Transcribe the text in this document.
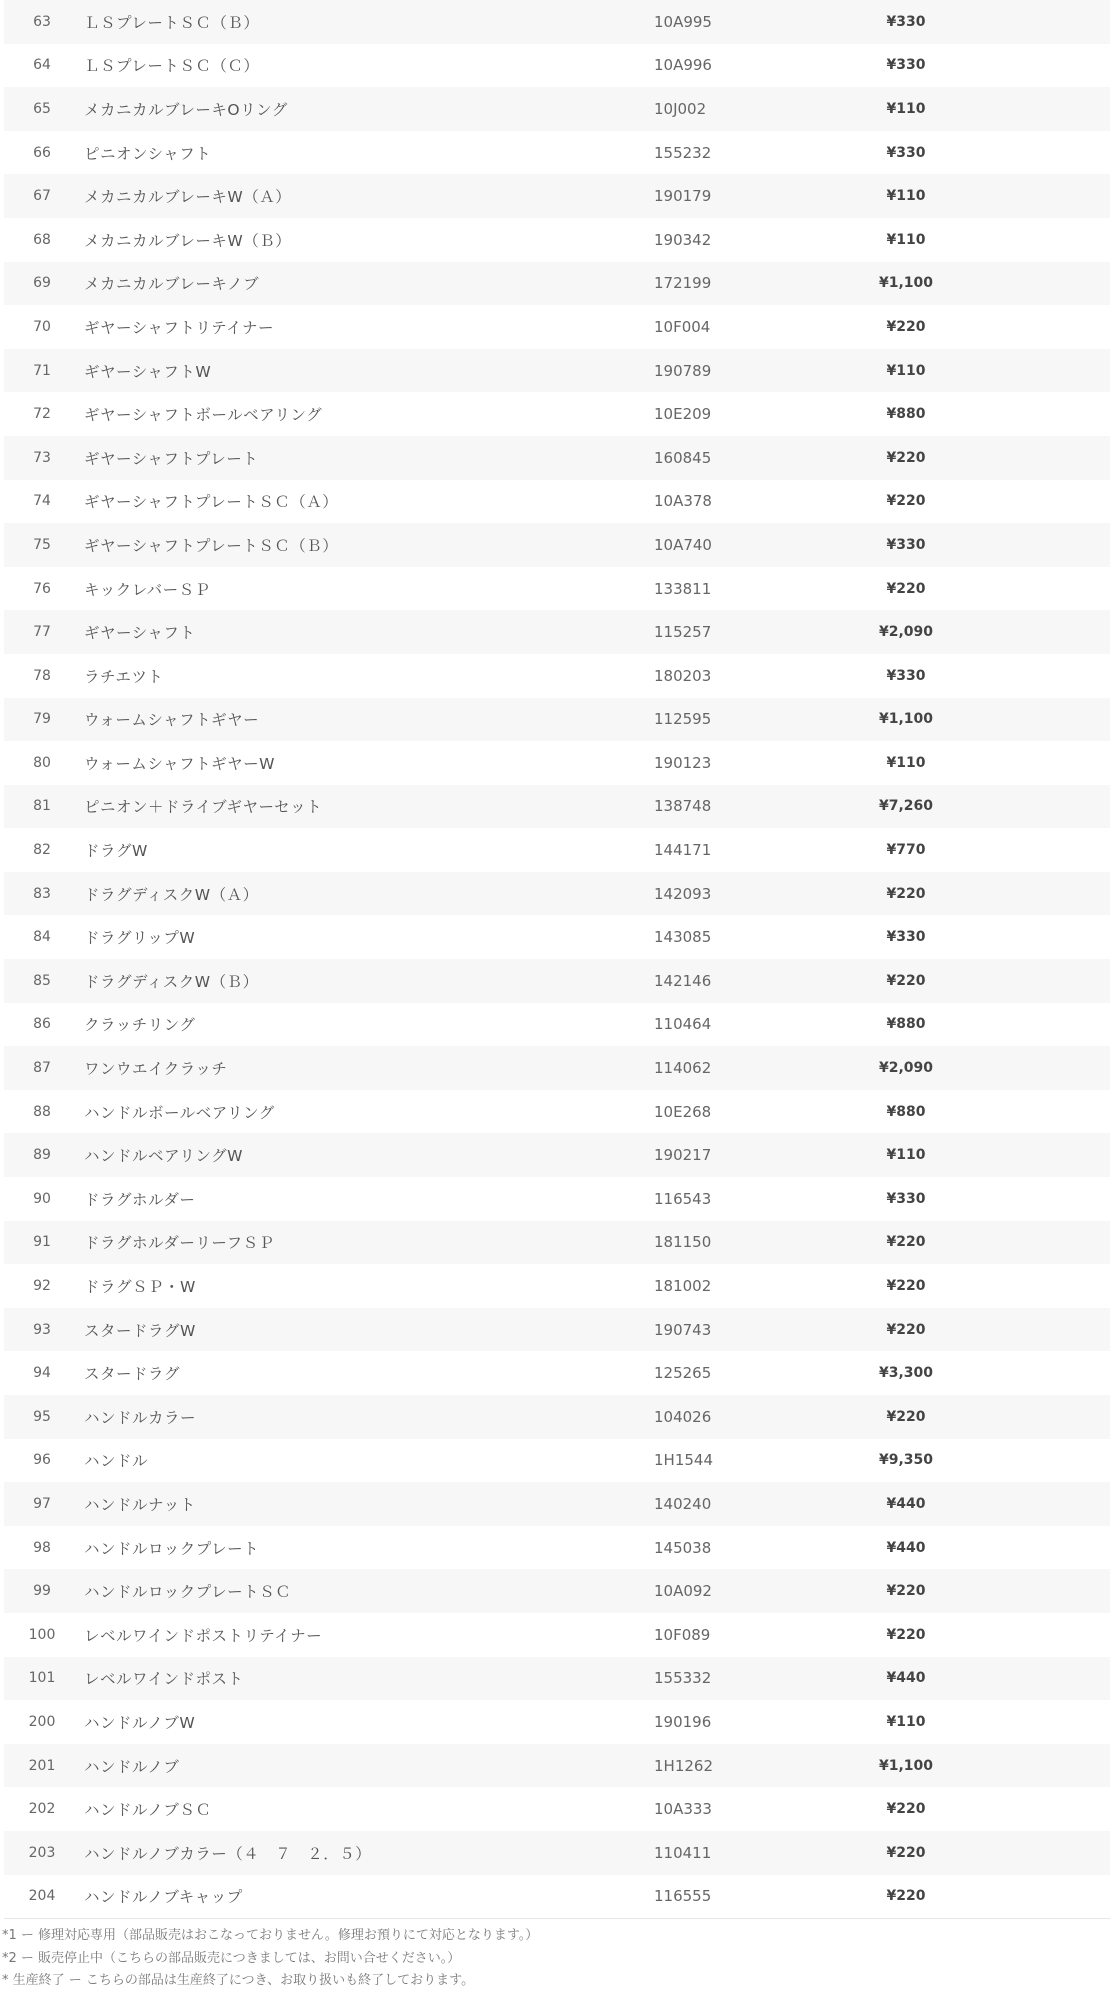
63	ＬＳプレートＳＣ（Ｂ）	10A995	¥330	
64	ＬＳプレートＳＣ（Ｃ）	10A996	¥330	
65	メカニカルブレーキOリング	10J002	¥110	
66	ピニオンシャフト	155232	¥330	
67	メカニカルブレーキW（Ａ）	190179	¥110	
68	メカニカルブレーキW（Ｂ）	190342	¥110	
69	メカニカルブレーキノブ	172199	¥1,100	
70	ギヤーシャフトリテイナー	10F004	¥220	
71	ギヤーシャフトW	190789	¥110	
72	ギヤーシャフトボールベアリング	10E209	¥880	
73	ギヤーシャフトプレート	160845	¥220	
74	ギヤーシャフトプレートＳＣ（Ａ）	10A378	¥220	
75	ギヤーシャフトプレートＳＣ（Ｂ）	10A740	¥330	
76	キックレバーＳＰ	133811	¥220	
77	ギヤーシャフト	115257	¥2,090	
78	ラチエツト	180203	¥330	
79	ウォームシャフトギヤー	112595	¥1,100	
80	ウォームシャフトギヤーW	190123	¥110	
81	ピニオン＋ドライブギヤーセット	138748	¥7,260	
82	ドラグW	144171	¥770	
83	ドラグディスクW（Ａ）	142093	¥220	
84	ドラグリップW	143085	¥330	
85	ドラグディスクW（Ｂ）	142146	¥220	
86	クラッチリング	110464	¥880	
87	ワンウエイクラッチ	114062	¥2,090	
88	ハンドルボールベアリング	10E268	¥880	
89	ハンドルベアリングW	190217	¥110	
90	ドラグホルダー	116543	¥330	
91	ドラグホルダーリーフＳＰ	181150	¥220	
92	ドラグＳＰ・W	181002	¥220	
93	スタードラグW	190743	¥220	
94	スタードラグ	125265	¥3,300	
95	ハンドルカラー	104026	¥220	
96	ハンドル	1H1544	¥9,350	
97	ハンドルナット	140240	¥440	
98	ハンドルロックプレート	145038	¥440	
99	ハンドルロックプレートＳＣ	10A092	¥220	
100	レベルワインドポストリテイナー	10F089	¥220	
101	レベルワインドポスト	155332	¥440	
200	ハンドルノブW	190196	¥110	
201	ハンドルノブ	1H1262	¥1,100	
202	ハンドルノブＳＣ	10A333	¥220	
203	ハンドルノブカラー（４　７　２．５）	110411	¥220	
204	ハンドルノブキャップ	116555	¥220	
*1 ー 修理対応専用（部品販売はおこなっておりません。修理お預りにて対応となります。）
*2 ー 販売停止中（こちらの部品販売につきましては、お問い合せください。）
* 生産終了 ー こちらの部品は生産終了につき、お取り扱いも終了しております。
